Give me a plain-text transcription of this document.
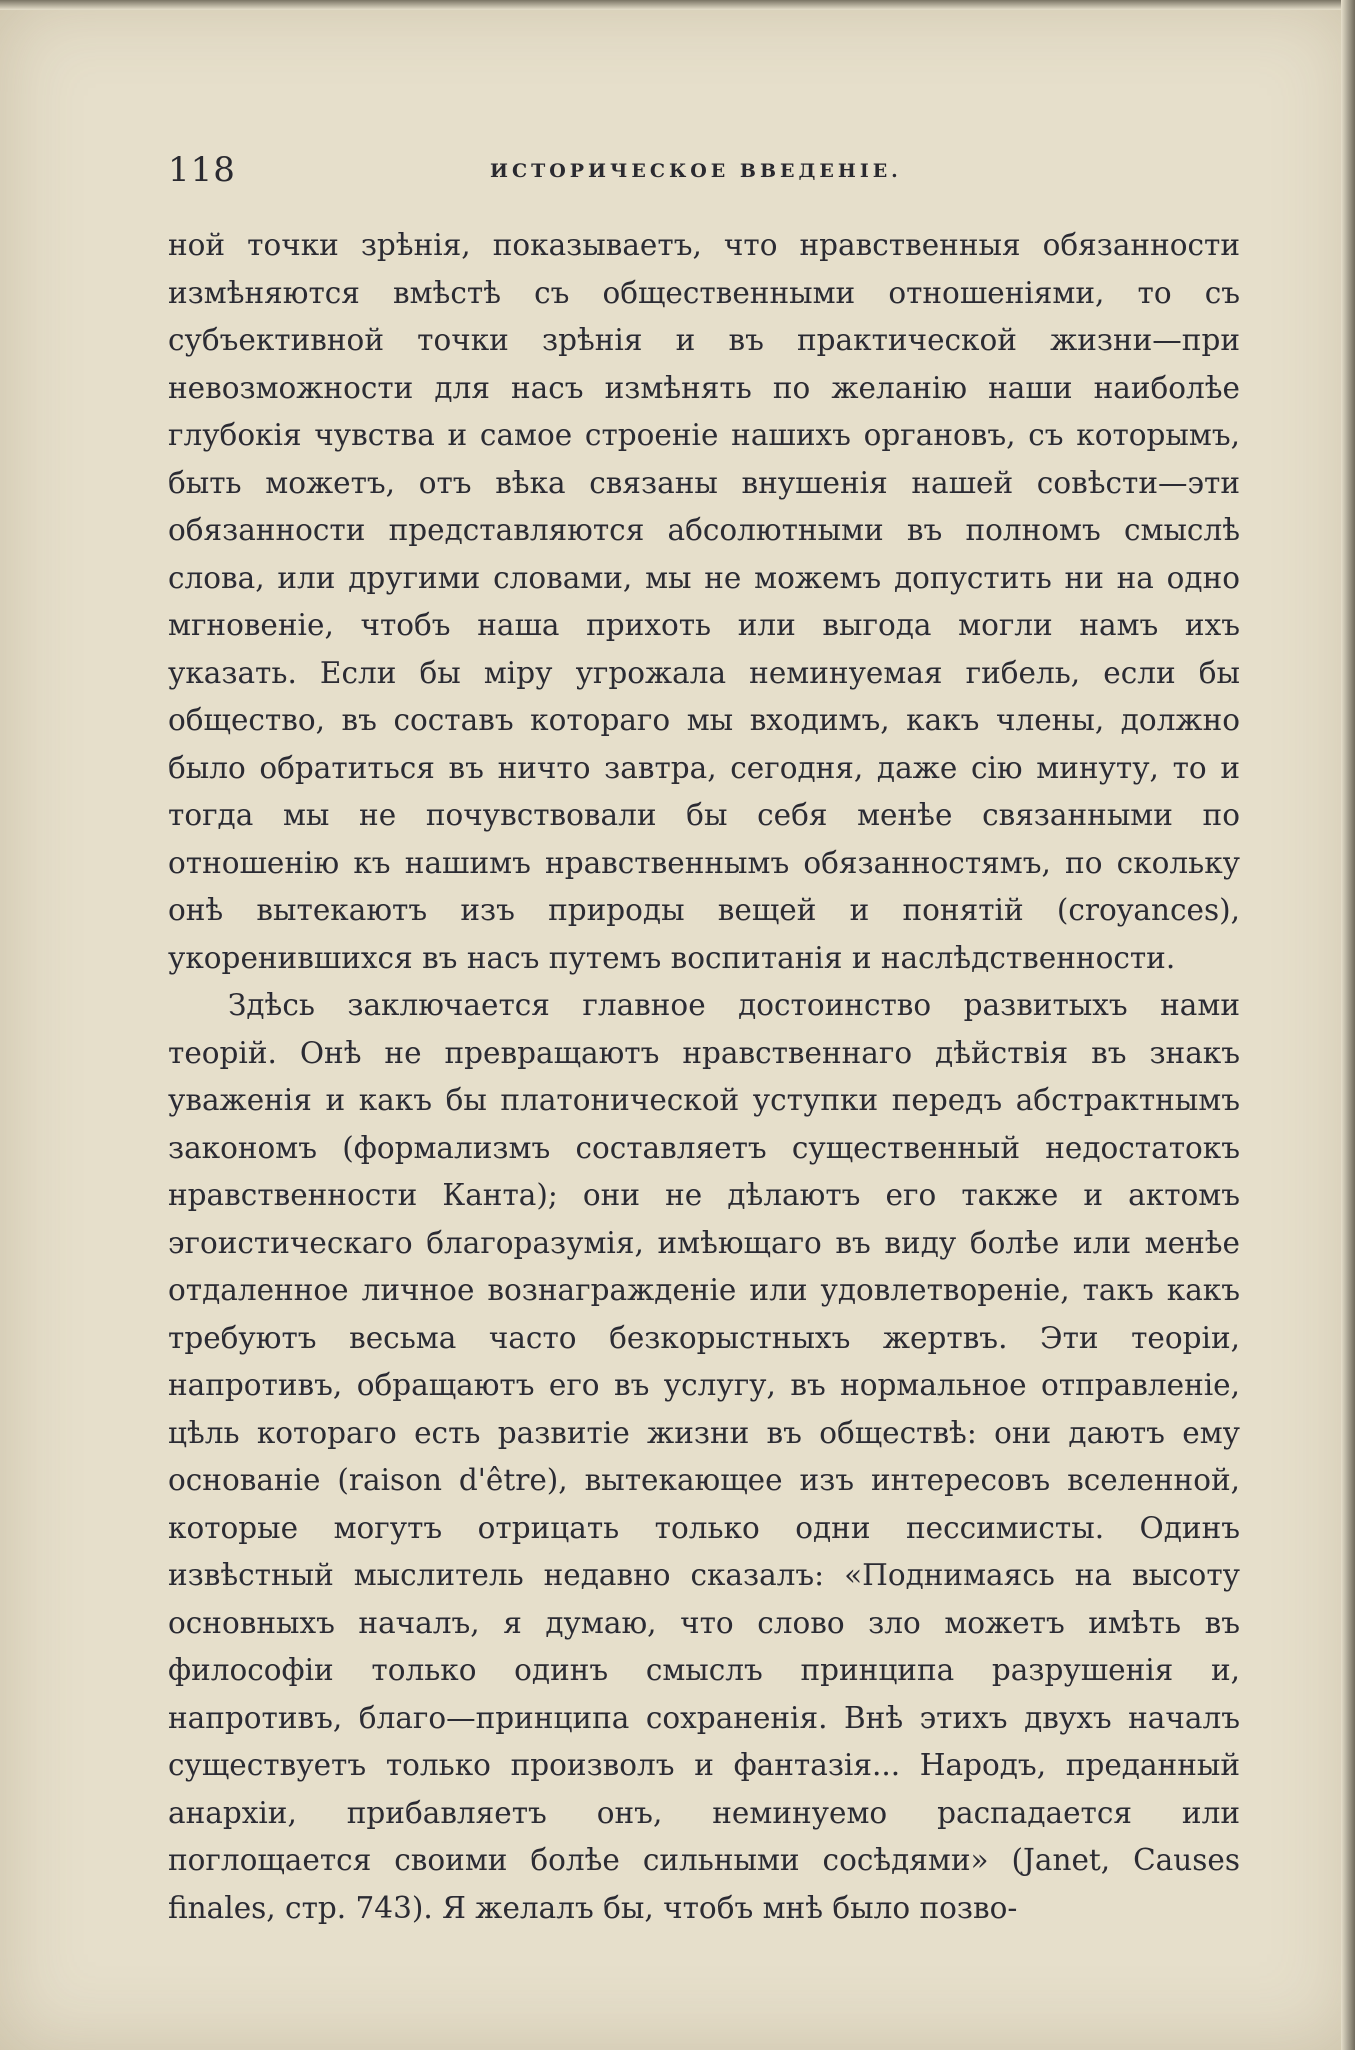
118	ИСТОРИЧЕСКОЕ ВВЕДЕНІЕ.

ной точки зрѣнія, показываетъ, что нравственныя обязанности измѣняются вмѣстѣ съ общественными отношеніями, то съ субъективной точки зрѣнія и въ практической жизни—при невозможности для насъ измѣнять по желанію наши наиболѣе глубокія чувства и самое строеніе нашихъ органовъ, съ которымъ, быть можетъ, отъ вѣка связаны внушенія нашей совѣсти—эти обязанности представляются абсолютными въ полномъ смыслѣ слова, или другими словами, мы не можемъ допустить ни на одно мгновеніе, чтобъ наша прихоть или выгода могли намъ ихъ указать. Если бы міру угрожала неминуемая гибель, если бы общество, въ составъ котораго мы входимъ, какъ члены, должно было обратиться въ ничто завтра, сегодня, даже сію минуту, то и тогда мы не почувствовали бы себя менѣе связанными по отношенію къ нашимъ нравственнымъ обязанностямъ, по скольку онѣ вытекаютъ изъ природы вещей и понятій (croyances), укоренившихся въ насъ путемъ воспитанія и наслѣдственности.

Здѣсь заключается главное достоинство развитыхъ нами теорій. Онѣ не превращаютъ нравственнаго дѣйствія въ знакъ уваженія и какъ бы платонической уступки передъ абстрактнымъ закономъ (формализмъ составляетъ существенный недостатокъ нравственности Канта); они не дѣлаютъ его также и актомъ эгоистическаго благоразумія, имѣющаго въ виду болѣе или менѣе отдаленное личное вознагражденіе или удовлетвореніе, такъ какъ требуютъ весьма часто безкорыстныхъ жертвъ. Эти теоріи, напротивъ, обращаютъ его въ услугу, въ нормальное отправленіе, цѣль котораго есть развитіе жизни въ обществѣ: они даютъ ему основаніе (raison d'être), вытекающее изъ интересовъ вселенной, которые могутъ отрицать только одни пессимисты. Одинъ извѣстный мыслитель недавно сказалъ: «Поднимаясь на высоту основныхъ началъ, я думаю, что слово зло можетъ имѣть въ философіи только одинъ смыслъ принципа разрушенія и, напротивъ, благо—принципа сохраненія. Внѣ этихъ двухъ началъ существуетъ только произволъ и фантазія... Народъ, преданный анархіи, прибавляетъ онъ, неминуемо распадается или поглощается своими болѣе сильными сосѣдями» (Janet, Causes finales, стр. 743). Я желалъ бы, чтобъ мнѣ было позво-
